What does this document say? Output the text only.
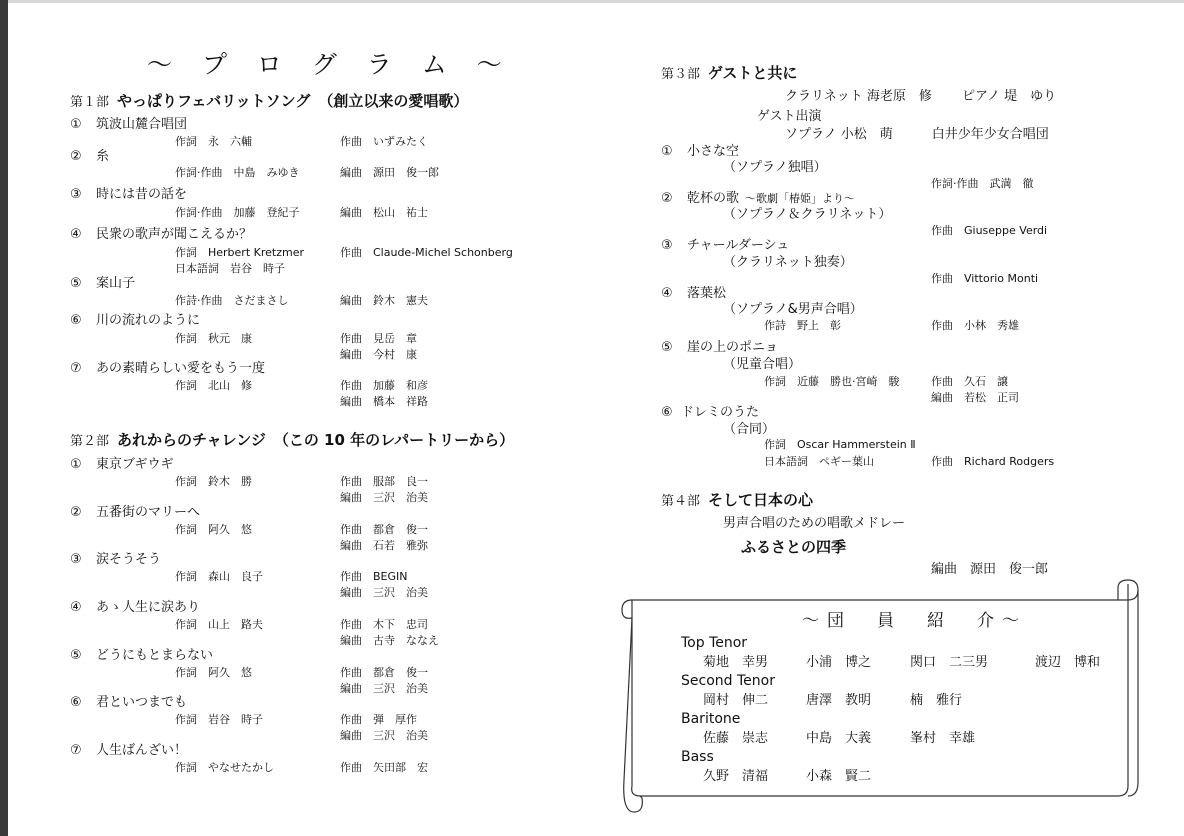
～ プ ロ グ ラ ム ～
第１部 やっぱりフェバリットソング （創立以来の愛唱歌）
① 筑波山麓合唱団
作詞　永　六輔	作曲　いずみたく
② 糸
作詞·作曲　中島　みゆき	編曲　源田　俊一郎
③ 時には昔の話を
作詞·作曲　加藤　登紀子	編曲　松山　祐士
④ 民衆の歌声が聞こえるか？
作詞　Herbert Kretzmer	作曲　Claude-Michel Schonberg
日本語詞　岩谷　時子
⑤ 案山子
作詩·作曲　さだまさし	編曲　鈴木　憲夫
⑥ 川の流れのように
作詞　秋元　康	作曲　見岳　章
編曲　今村　康
⑦ あの素晴らしい愛をもう一度
作詞　北山　修	作曲　加藤　和彦
編曲　橋本　祥路
第２部 あれからのチャレンジ （この 10 年のレパートリーから）
① 東京ブギウギ
作詞　鈴木　勝	作曲　服部　良一
編曲　三沢　治美
② 五番街のマリーへ
作詞　阿久　悠	作曲　都倉　俊一
編曲　石若　雅弥
③ 涙そうそう
作詞　森山　良子	作曲　BEGIN
編曲　三沢　治美
④ あゝ人生に涙あり
作詞　山上　路夫	作曲　木下　忠司
編曲　古寺　ななえ
⑤ どうにもとまらない
作詞　阿久　悠	作曲　都倉　俊一
編曲　三沢　治美
⑥ 君といつまでも
作詞　岩谷　時子	作曲　弾　厚作
編曲　三沢　治美
⑦ 人生ばんざい！
作詞　やなせたかし	作曲　矢田部　宏
第３部 ゲストと共に
クラリネット 海老原　修　　 ピアノ 堤　ゆり
ゲスト出演
ソプラノ 小松　萌　　　白井少年少女合唱団
① 小さな空
（ソプラノ独唱）
作詞·作曲　武満　徹
② 乾杯の歌 ～歌劇「椿姫」より～
（ソプラノ＆クラリネット）
作曲　Giuseppe Verdi
③ チャールダーシュ
（クラリネット独奏）
作曲　Vittorio Monti
④ 落葉松
（ソプラノ&男声合唱）
作詩　野上　彰	作曲　小林　秀雄
⑤ 崖の上のポニョ
（児童合唱）
作詞　近藤　勝也·宮崎　駿	作曲　久石　譲
編曲　若松　正司
⑥ ドレミのうた
（合同）
作詞　Oscar Hammerstein Ⅱ
日本語詞　ペギー葉山	作曲　Richard Rodgers
第４部 そして日本の心
男声合唱のための唱歌メドレー
ふるさとの四季
編曲　源田　俊一郎
～団　員　紹　介～
Top Tenor
菊地　幸男	小浦　博之	関口　二三男	渡辺　博和
Second Tenor
岡村　伸二	唐澤　教明	楠　雅行
Baritone
佐藤　崇志	中島　大義	峯村　幸雄
Bass
久野　清福	小森　賢二
